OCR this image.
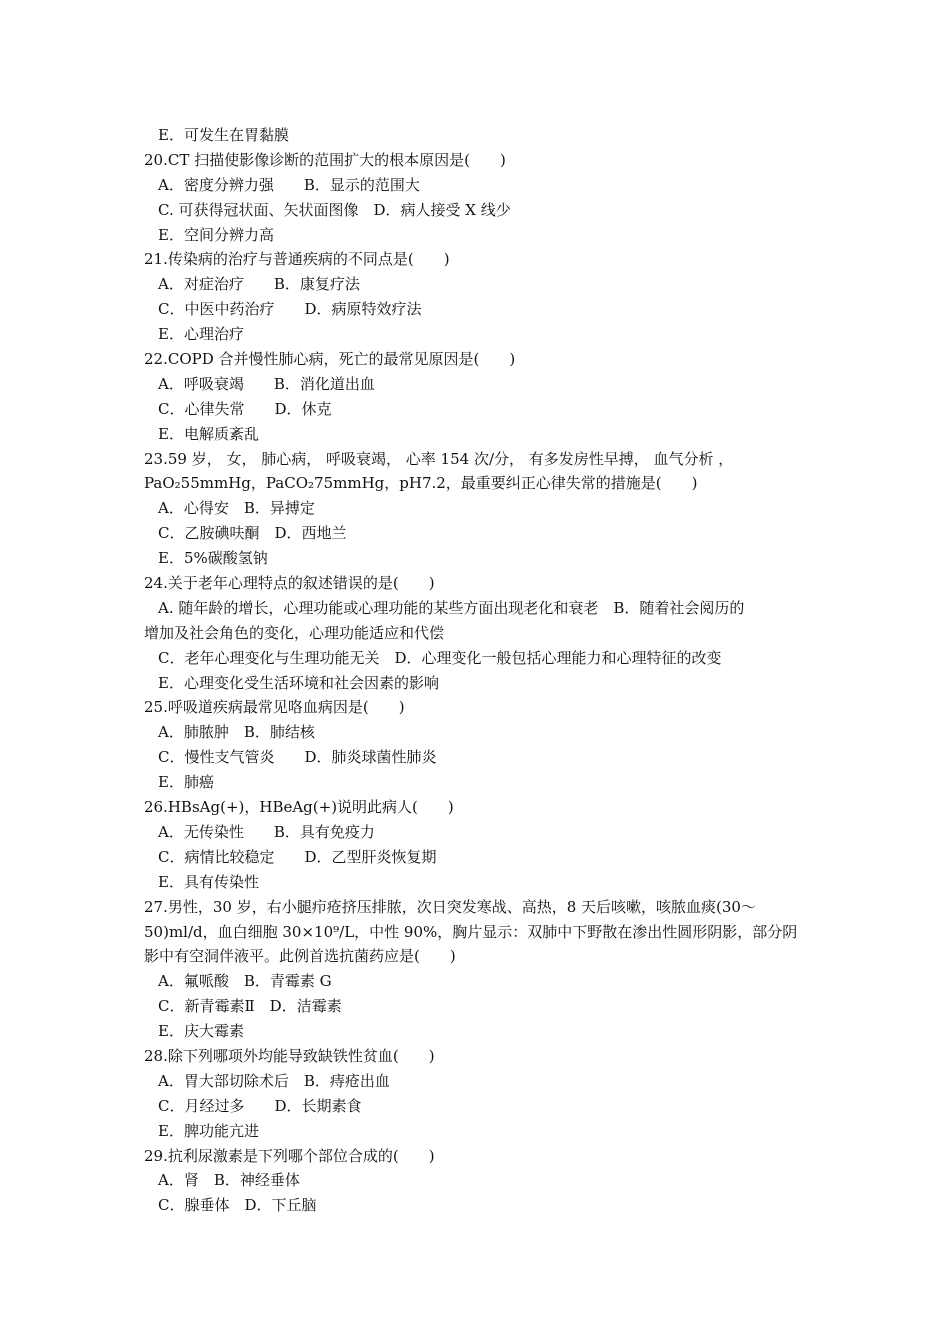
E．可发生在胃黏膜
20.CT 扫描使影像诊断的范围扩大的根本原因是(　　)
A．密度分辨力强　　B．显示的范围大
C. 可获得冠状面、矢状面图像　D．病人接受 X 线少
E．空间分辨力高
21.传染病的治疗与普通疾病的不同点是(　　)
A．对症治疗　　B．康复疗法
C．中医中药治疗　　D．病原特效疗法
E．心理治疗
22.COPD 合并慢性肺心病，死亡的最常见原因是(　　)
A．呼吸衰竭　　B．消化道出血
C．心律失常　　D．休克
E．电解质紊乱
23.59 岁， 女， 肺心病， 呼吸衰竭， 心率 154 次/分， 有多发房性早搏， 血气分析 ，
PaO₂55mmHg，PaCO₂75mmHg，pH7.2，最重要纠正心律失常的措施是(　　)
A．心得安　B．异搏定
C．乙胺碘呋酮　D．西地兰
E．5%碳酸氢钠
24.关于老年心理特点的叙述错误的是(　　)
A. 随年龄的增长，心理功能或心理功能的某些方面出现老化和衰老　B．随着社会阅历的
增加及社会角色的变化，心理功能适应和代偿
C．老年心理变化与生理功能无关　D．心理变化一般包括心理能力和心理特征的改变
E．心理变化受生活环境和社会因素的影响
25.呼吸道疾病最常见咯血病因是(　　)
A．肺脓肿　B．肺结核
C．慢性支气管炎　　D．肺炎球菌性肺炎
E．肺癌
26.HBsAg(+)，HBeAg(+)说明此病人(　　)
A．无传染性　　B．具有免疫力
C．病情比较稳定　　D．乙型肝炎恢复期
E．具有传染性
27.男性，30 岁，右小腿疖疮挤压排脓，次日突发寒战、高热，8 天后咳嗽，咳脓血痰(30～
50)ml/d，血白细胞 30×10⁹/L，中性 90%，胸片显示：双肺中下野散在渗出性圆形阴影，部分阴
影中有空洞伴液平。此例首选抗菌药应是(　　)
A．氟哌酸　B．青霉素 G
C．新青霉素Ⅱ　D．洁霉素
E．庆大霉素
28.除下列哪项外均能导致缺铁性贫血(　　)
A．胃大部切除术后　B．痔疮出血
C．月经过多　　D．长期素食
E．脾功能亢进
29.抗利尿激素是下列哪个部位合成的(　　)
A．肾　B．神经垂体
C．腺垂体　D．下丘脑
